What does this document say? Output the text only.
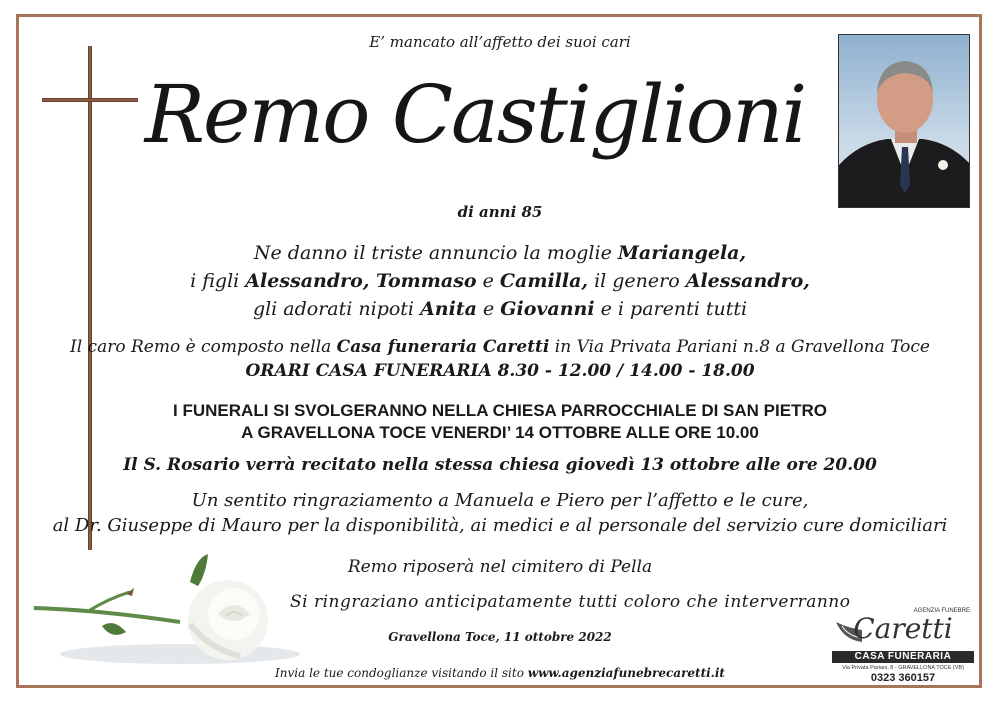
E’ mancato all’affetto dei suoi cari
Remo Castiglioni
di anni 85
Ne danno il triste annuncio la moglie Mariangela,
i figli Alessandro, Tommaso e Camilla, il genero Alessandro,
gli adorati nipoti Anita e Giovanni e i parenti tutti
Il caro Remo è composto nella Casa funeraria Caretti in Via Privata Pariani n.8 a Gravellona Toce
ORARI CASA FUNERARIA 8.30 - 12.00 / 14.00 - 18.00
I FUNERALI SI SVOLGERANNO NELLA CHIESA PARROCCHIALE DI SAN PIETRO
A GRAVELLONA TOCE VENERDI’ 14 OTTOBRE ALLE ORE 10.00
Il S. Rosario verrà recitato nella stessa chiesa giovedì 13 ottobre alle ore 20.00
Un sentito ringraziamento a Manuela e Piero per l’affetto e le cure,
al Dr. Giuseppe di Mauro per la disponibilità, ai medici e al personale del servizio cure domiciliari
Remo riposerà nel cimitero di Pella
Si ringraziano anticipatamente tutti coloro che interverranno
Gravellona Toce, 11 ottobre 2022
Invia le tue condoglianze visitando il sito www.agenziafunebrecaretti.it
AGENZIA FUNEBRE
Caretti
CASA FUNERARIA
Via Privata Pariani, 8 - GRAVELLONA TOCE (VB)
0323 360157
